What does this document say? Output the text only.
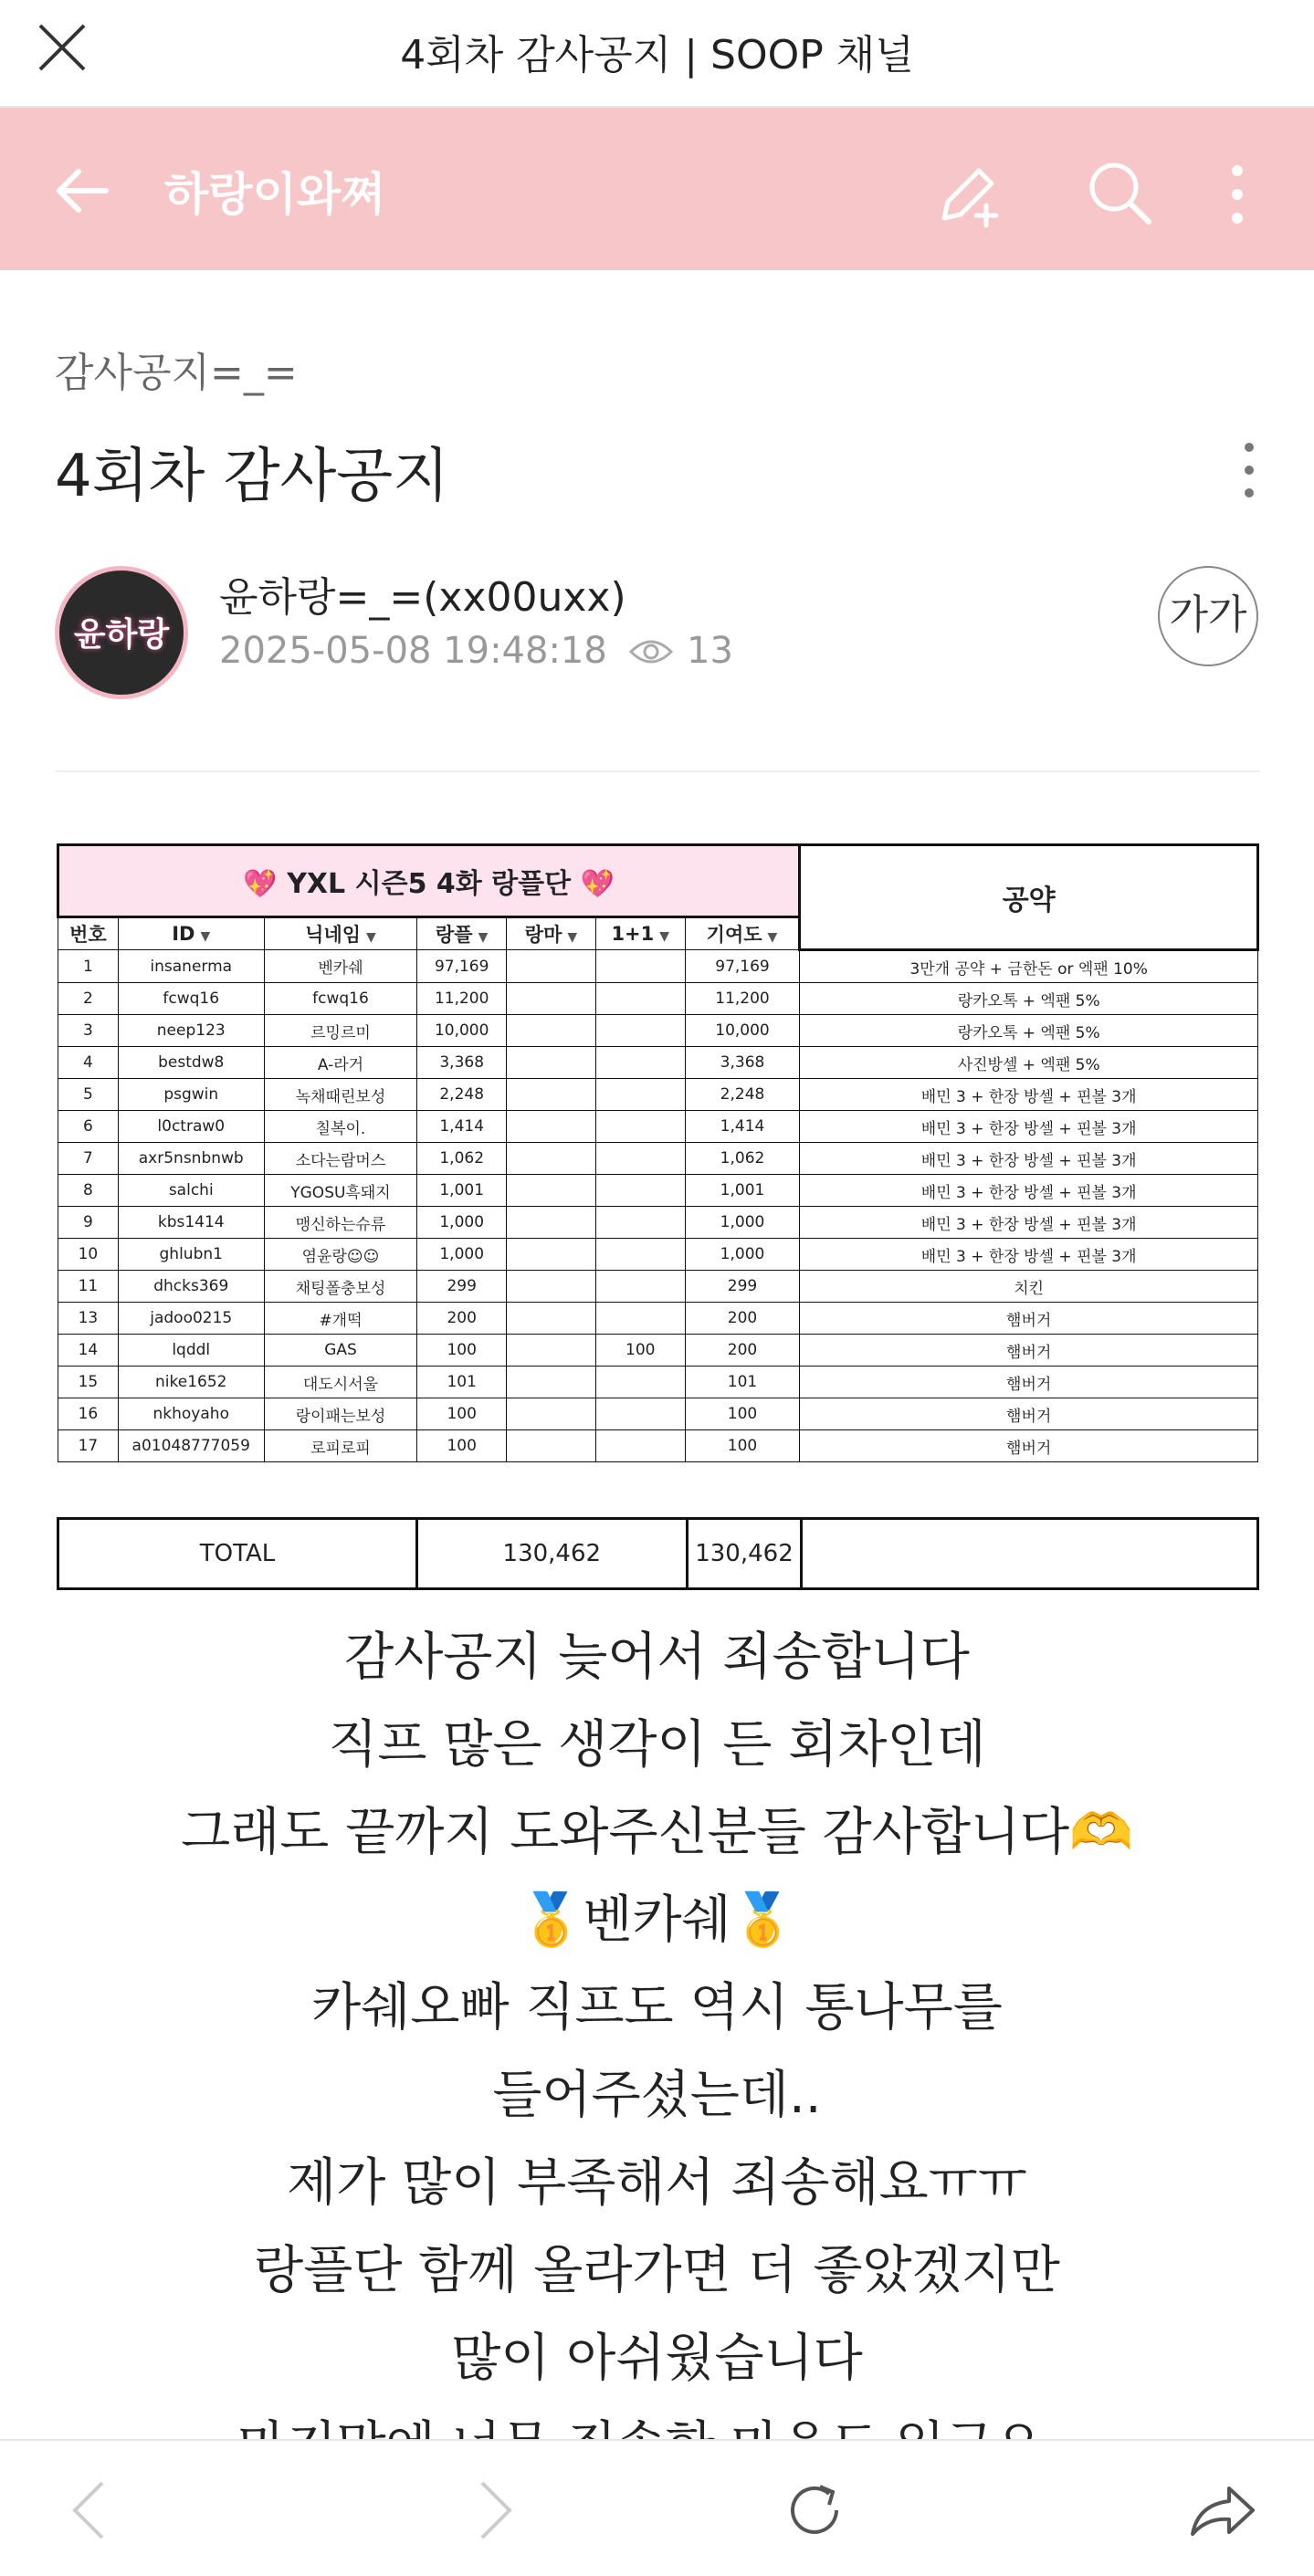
4회차 감사공지 | SOOP 채널
하랑이와쪄
감사공지=_=
4회차 감사공지
윤하랑
윤하랑=_=(xx00uxx)
2025-05-08 19:48:18 13
가가
💖 YXL 시즌5 4화 랑플단 💖							공약
번호	ID ▼	닉네임 ▼	랑플 ▼	랑마 ▼	1+1 ▼	기여도 ▼	
1	insanerma	벤카쉐	97,169			97,169	3만개 공약 + 금한돈 or 엑팬 10%
2	fcwq16	fcwq16	11,200			11,200	랑카오톡 + 엑팬 5%
3	neep123	르밍르미	10,000			10,000	랑카오톡 + 엑팬 5%
4	bestdw8	A-라거	3,368			3,368	사진방셀 + 엑팬 5%
5	psgwin	녹채때린보성	2,248			2,248	배민 3 + 한장 방셀 + 핀볼 3개
6	l0ctraw0	칠복이.	1,414			1,414	배민 3 + 한장 방셀 + 핀볼 3개
7	axr5nsnbnwb	소다는람머스	1,062			1,062	배민 3 + 한장 방셀 + 핀볼 3개
8	salchi	YGOSU흑돼지	1,001			1,001	배민 3 + 한장 방셀 + 핀볼 3개
9	kbs1414	맹신하는슈류	1,000			1,000	배민 3 + 한장 방셀 + 핀볼 3개
10	ghlubn1	염윤랑☺☺	1,000			1,000	배민 3 + 한장 방셀 + 핀볼 3개
11	dhcks369	채팅폴충보성	299			299	치킨
13	jadoo0215	#개떡	200			200	햄버거
14	lqddl	GAS	100		100	200	햄버거
15	nike1652	대도시서울	101			101	햄버거
16	nkhoyaho	랑이패는보성	100			100	햄버거
17	a01048777059	로피로피	100			100	햄버거
TOTAL	130,462	130,462	
감사공지 늦어서 죄송합니다
직프 많은 생각이 든 회차인데
그래도 끝까지 도와주신분들 감사합니다🫶
🥇벤카쉐🥇
카쉐오빠 직프도 역시 통나무를
들어주셨는데..
제가 많이 부족해서 죄송해요ㅠㅠ
랑플단 함께 올라가면 더 좋았겠지만
많이 아쉬웠습니다
